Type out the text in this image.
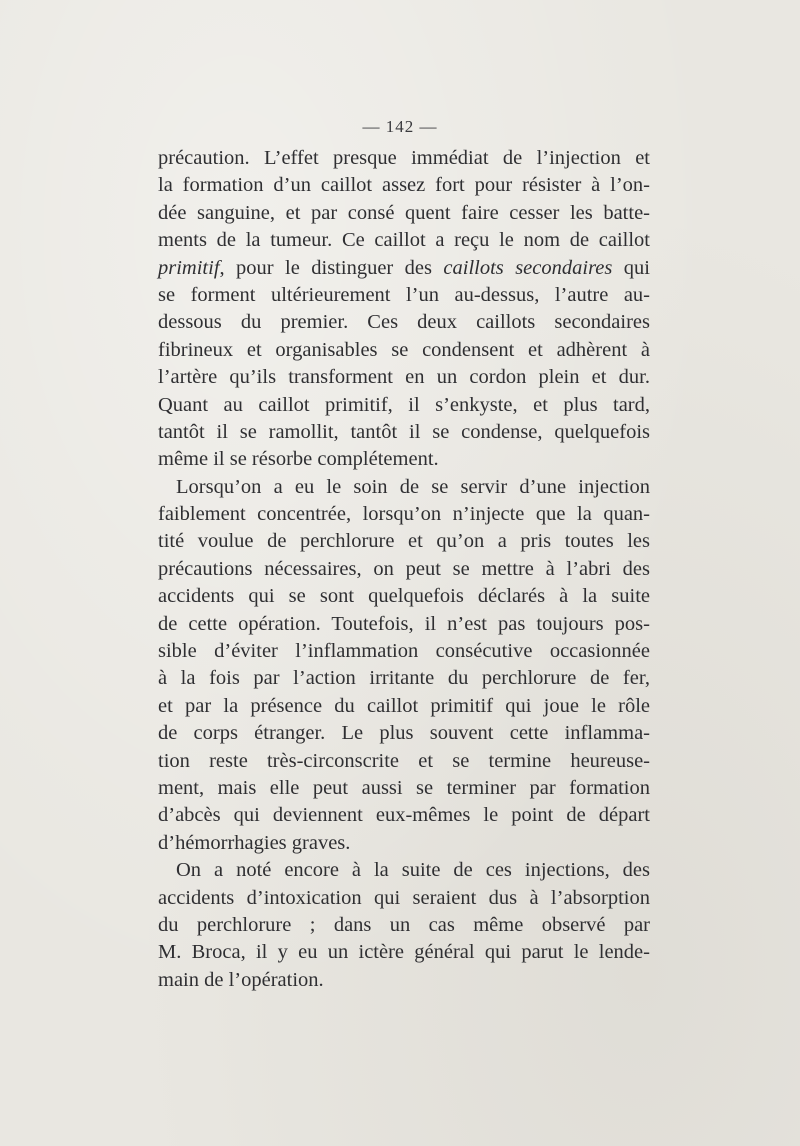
— 142 —
précaution. L’effet presque immédiat de l’injection et
la formation d’un caillot assez fort pour résister à l’on-
dée sanguine, et par consé quent faire cesser les batte-
ments de la tumeur. Ce caillot a reçu le nom de caillot
primitif, pour le distinguer des caillots secondaires qui
se forment ultérieurement l’un au-dessus, l’autre au-
dessous du premier. Ces deux caillots secondaires
fibrineux et organisables se condensent et adhèrent à
l’artère qu’ils transforment en un cordon plein et dur.
Quant au caillot primitif, il s’enkyste, et plus tard,
tantôt il se ramollit, tantôt il se condense, quelquefois
même il se résorbe complétement.
Lorsqu’on a eu le soin de se servir d’une injection
faiblement concentrée, lorsqu’on n’injecte que la quan-
tité voulue de perchlorure et qu’on a pris toutes les
précautions nécessaires, on peut se mettre à l’abri des
accidents qui se sont quelquefois déclarés à la suite
de cette opération. Toutefois, il n’est pas toujours pos-
sible d’éviter l’inflammation consécutive occasionnée
à la fois par l’action irritante du perchlorure de fer,
et par la présence du caillot primitif qui joue le rôle
de corps étranger. Le plus souvent cette inflamma-
tion reste très-circonscrite et se termine heureuse-
ment, mais elle peut aussi se terminer par formation
d’abcès qui deviennent eux-mêmes le point de départ
d’hémorrhagies graves.
On a noté encore à la suite de ces injections, des
accidents d’intoxication qui seraient dus à l’absorption
du perchlorure ; dans un cas même observé par
M. Broca, il y eu un ictère général qui parut le lende-
main de l’opération.
